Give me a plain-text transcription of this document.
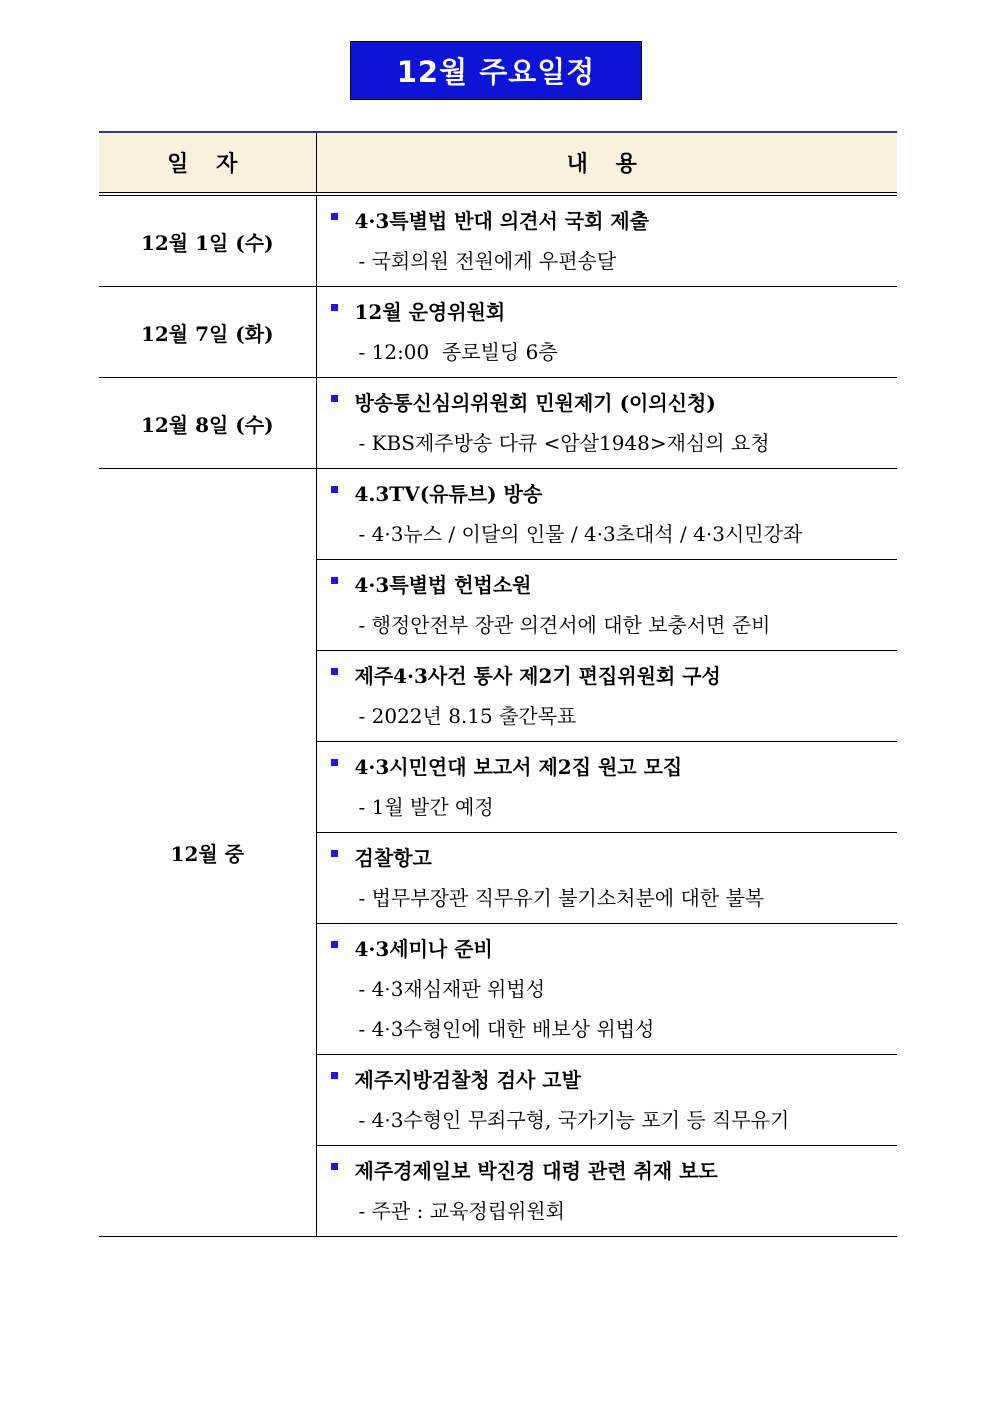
12월 주요일정
일 자	내 용
12월 1일 (수)	4·3특별법 반대 의견서 국회 제출
- 국회의원 전원에게 우편송달

12월 7일 (화)	12월 운영위원회
- 12:00  종로빌딩 6층

12월 8일 (수)	방송통신심의위원회 민원제기 (이의신청)
- KBS제주방송 다큐 <암살1948>재심의 요청

12월 중	4.3TV(유튜브) 방송
- 4·3뉴스 / 이달의 인물 / 4·3초대석 / 4·3시민강좌

	4·3특별법 헌법소원
- 행정안전부 장관 의견서에 대한 보충서면 준비

	제주4·3사건 통사 제2기 편집위원회 구성
- 2022년 8.15 출간목표

	4·3시민연대 보고서 제2집 원고 모집
- 1월 발간 예정

	검찰항고
- 법무부장관 직무유기 불기소처분에 대한 불복

	4·3세미나 준비
- 4·3재심재판 위법성
- 4·3수형인에 대한 배보상 위법성

	제주지방검찰청 검사 고발
- 4·3수형인 무죄구형, 국가기능 포기 등 직무유기

	제주경제일보 박진경 대령 관련 취재 보도
- 주관 : 교육정립위원회
